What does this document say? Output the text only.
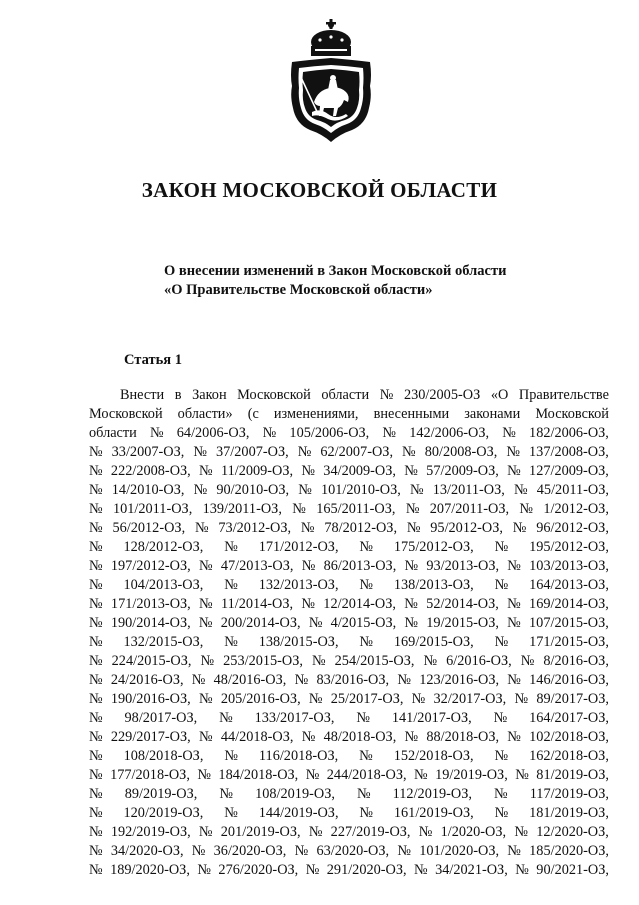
ЗАКОН МОСКОВСКОЙ ОБЛАСТИ
О внесении изменений в Закон Московской области
«О Правительстве Московской области»
Статья 1
Внести в Закон Московской области № 230/2005-ОЗ «О Правительстве
Московской области» (с изменениями, внесенными законами Московской
области № 64/2006-ОЗ, № 105/2006-ОЗ, № 142/2006-ОЗ, № 182/2006-ОЗ,
№ 33/2007-ОЗ, № 37/2007-ОЗ, № 62/2007-ОЗ, № 80/2008-ОЗ, № 137/2008-ОЗ,
№ 222/2008-ОЗ, № 11/2009-ОЗ, № 34/2009-ОЗ, № 57/2009-ОЗ, № 127/2009-ОЗ,
№ 14/2010-ОЗ, № 90/2010-ОЗ, № 101/2010-ОЗ, № 13/2011-ОЗ, № 45/2011-ОЗ,
№ 101/2011-ОЗ, 139/2011-ОЗ, № 165/2011-ОЗ, № 207/2011-ОЗ, № 1/2012-ОЗ,
№ 56/2012-ОЗ, № 73/2012-ОЗ, № 78/2012-ОЗ, № 95/2012-ОЗ, № 96/2012-ОЗ,
№ 128/2012-ОЗ, № 171/2012-ОЗ, № 175/2012-ОЗ, № 195/2012-ОЗ,
№ 197/2012-ОЗ, № 47/2013-ОЗ, № 86/2013-ОЗ, № 93/2013-ОЗ, № 103/2013-ОЗ,
№ 104/2013-ОЗ, № 132/2013-ОЗ, № 138/2013-ОЗ, № 164/2013-ОЗ,
№ 171/2013-ОЗ, № 11/2014-ОЗ, № 12/2014-ОЗ, № 52/2014-ОЗ, № 169/2014-ОЗ,
№ 190/2014-ОЗ, № 200/2014-ОЗ, № 4/2015-ОЗ, № 19/2015-ОЗ, № 107/2015-ОЗ,
№ 132/2015-ОЗ, № 138/2015-ОЗ, № 169/2015-ОЗ, № 171/2015-ОЗ,
№ 224/2015-ОЗ, № 253/2015-ОЗ, № 254/2015-ОЗ, № 6/2016-ОЗ, № 8/2016-ОЗ,
№ 24/2016-ОЗ, № 48/2016-ОЗ, № 83/2016-ОЗ, № 123/2016-ОЗ, № 146/2016-ОЗ,
№ 190/2016-ОЗ, № 205/2016-ОЗ, № 25/2017-ОЗ, № 32/2017-ОЗ, № 89/2017-ОЗ,
№ 98/2017-ОЗ, № 133/2017-ОЗ, № 141/2017-ОЗ, № 164/2017-ОЗ,
№ 229/2017-ОЗ, № 44/2018-ОЗ, № 48/2018-ОЗ, № 88/2018-ОЗ, № 102/2018-ОЗ,
№ 108/2018-ОЗ, № 116/2018-ОЗ, № 152/2018-ОЗ, № 162/2018-ОЗ,
№ 177/2018-ОЗ, № 184/2018-ОЗ, № 244/2018-ОЗ, № 19/2019-ОЗ, № 81/2019-ОЗ,
№ 89/2019-ОЗ, № 108/2019-ОЗ, № 112/2019-ОЗ, № 117/2019-ОЗ,
№ 120/2019-ОЗ, № 144/2019-ОЗ, № 161/2019-ОЗ, № 181/2019-ОЗ,
№ 192/2019-ОЗ, № 201/2019-ОЗ, № 227/2019-ОЗ, № 1/2020-ОЗ, № 12/2020-ОЗ,
№ 34/2020-ОЗ, № 36/2020-ОЗ, № 63/2020-ОЗ, № 101/2020-ОЗ, № 185/2020-ОЗ,
№ 189/2020-ОЗ, № 276/2020-ОЗ, № 291/2020-ОЗ, № 34/2021-ОЗ, № 90/2021-ОЗ,
